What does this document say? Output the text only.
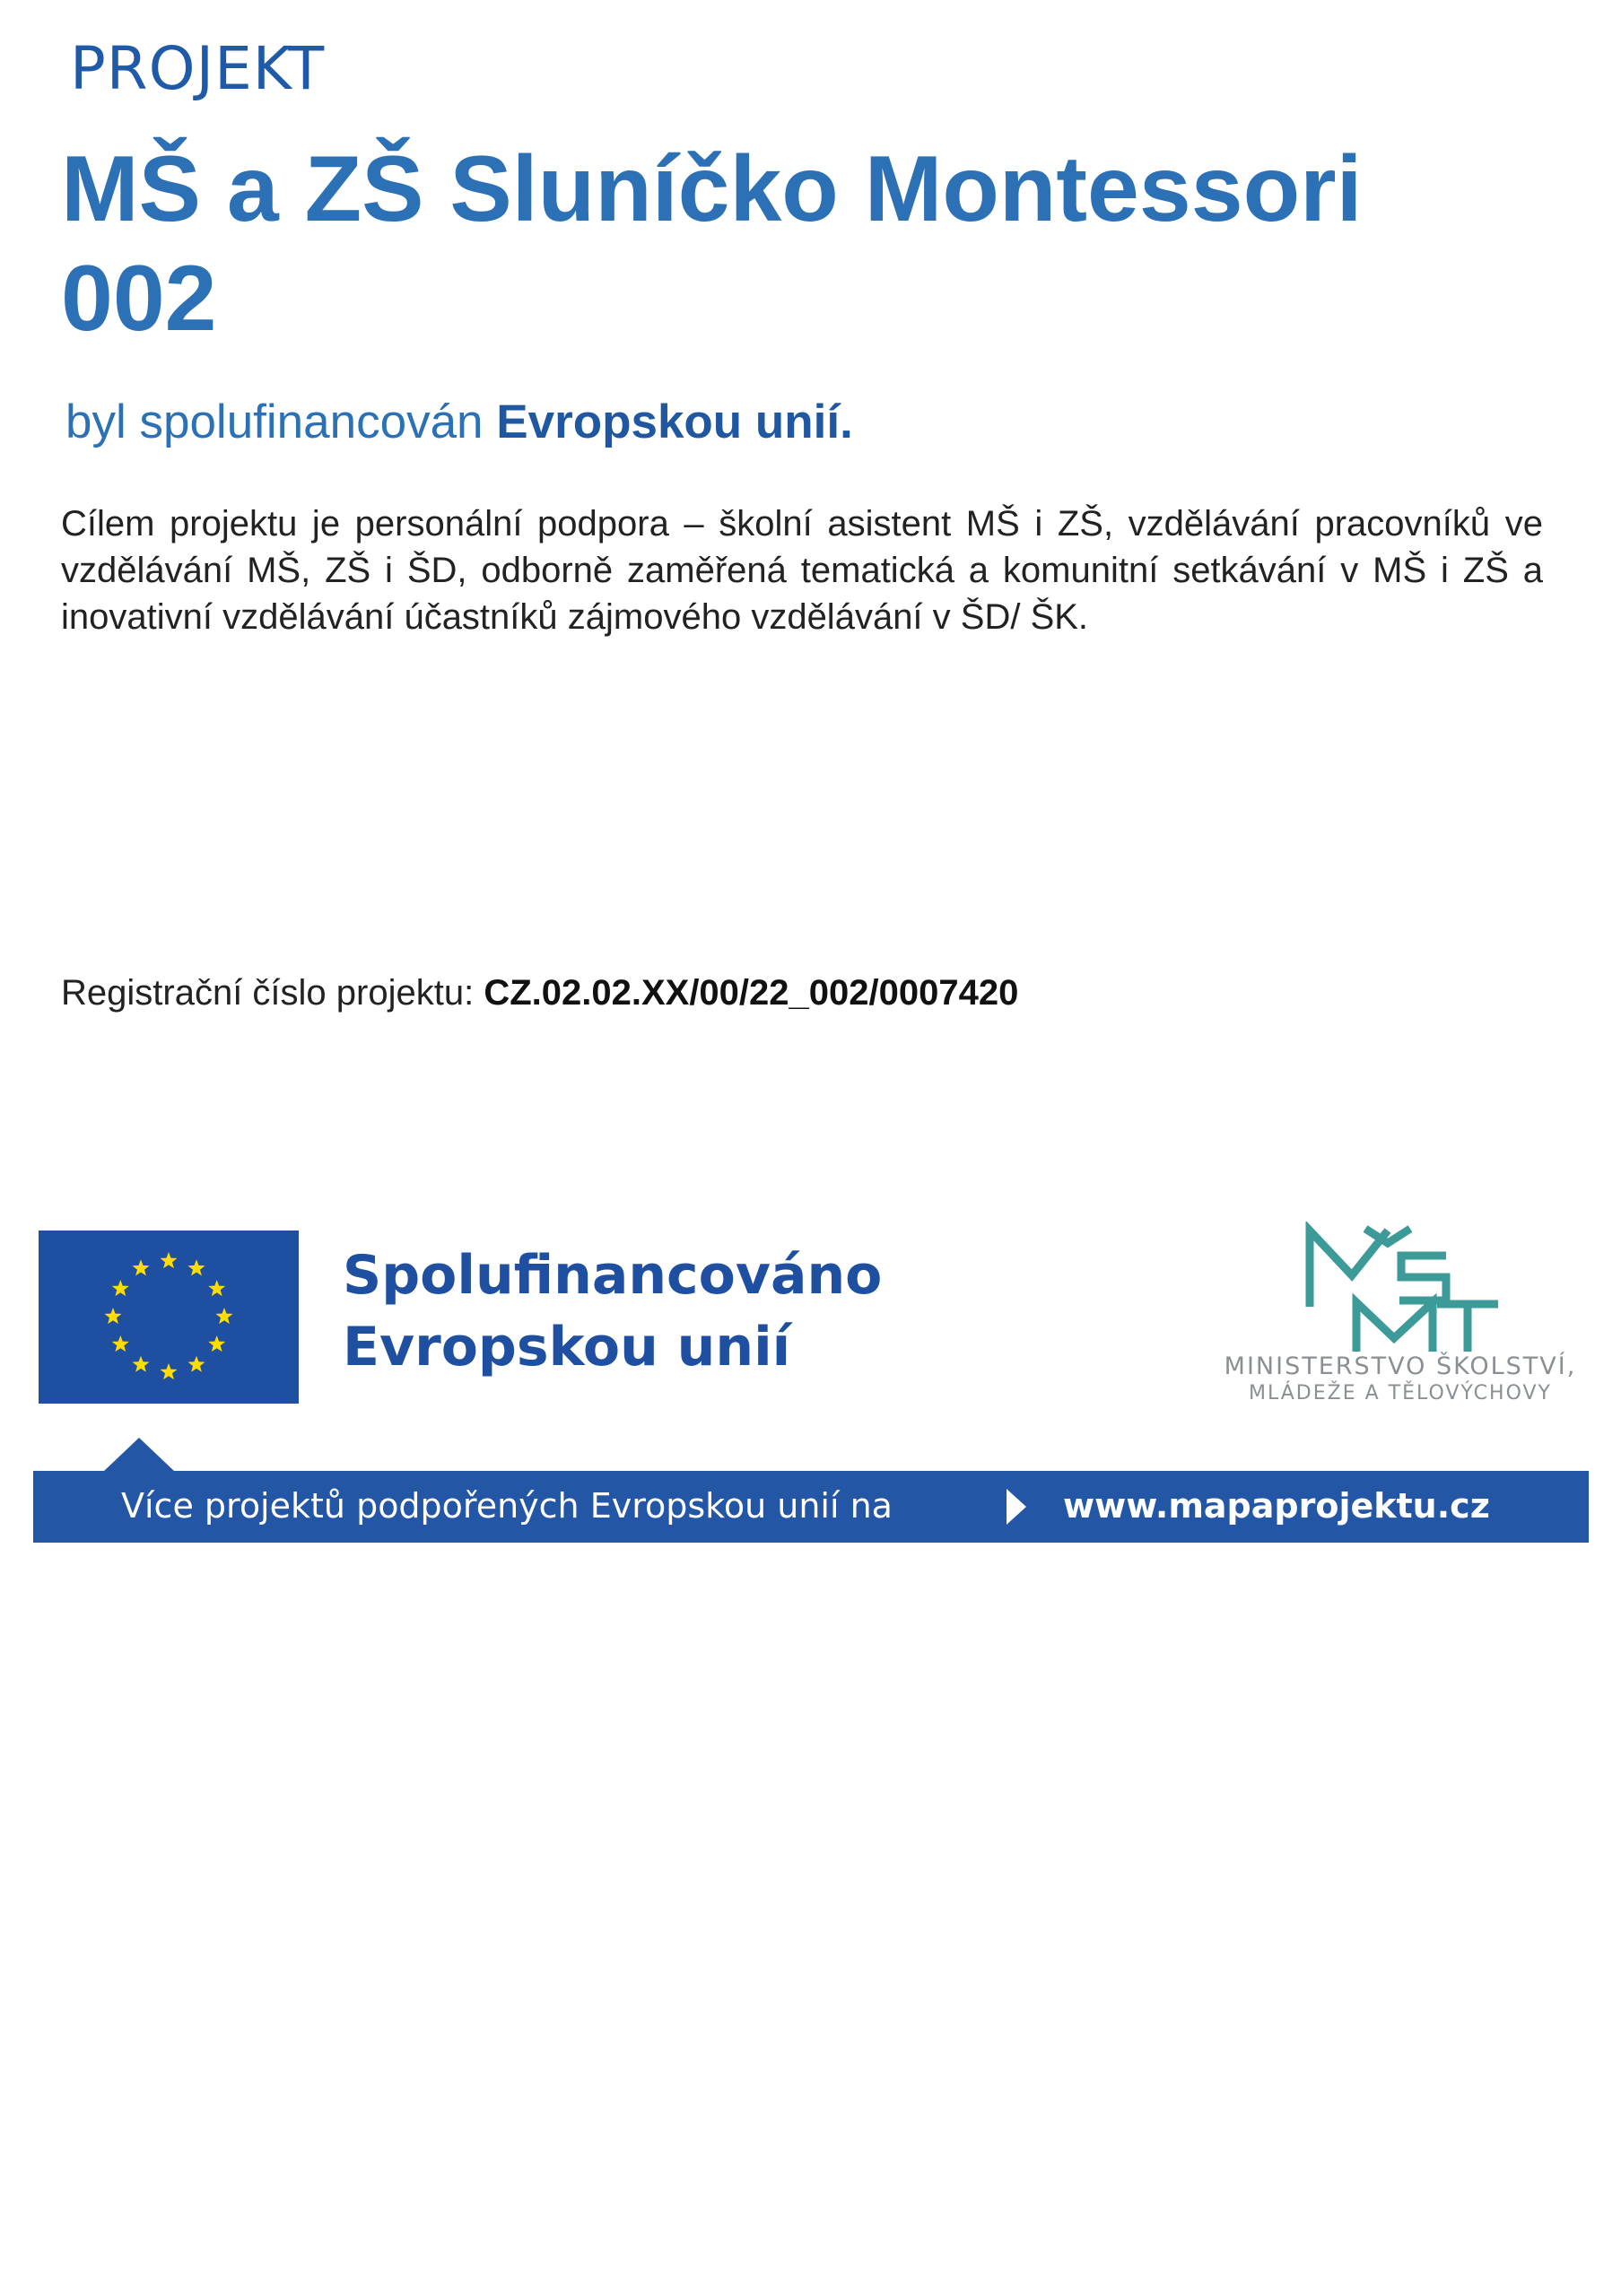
PROJEKT
MŠ a ZŠ Sluníčko Montessori
002
byl spolufinancován Evropskou unií.

Cílem projektu je personální podpora – školní asistent MŠ i ZŠ, vzdělávání pracovníků ve vzdělávání MŠ, ZŠ i ŠD, odborně zaměřená tematická a komunitní setkávání v MŠ i ZŠ a inovativní vzdělávání účastníků zájmového vzdělávání v ŠD/ ŠK.

Registrační číslo projektu: CZ.02.02.XX/00/22_002/0007420
Spolufinancováno
Evropskou unií	MINISTERSTVO ŠKOLSTVÍ,
MLÁDEŽE A TĚLOVÝCHOVY
Více projektů podpořených Evropskou unií na	www.mapaprojektu.cz
